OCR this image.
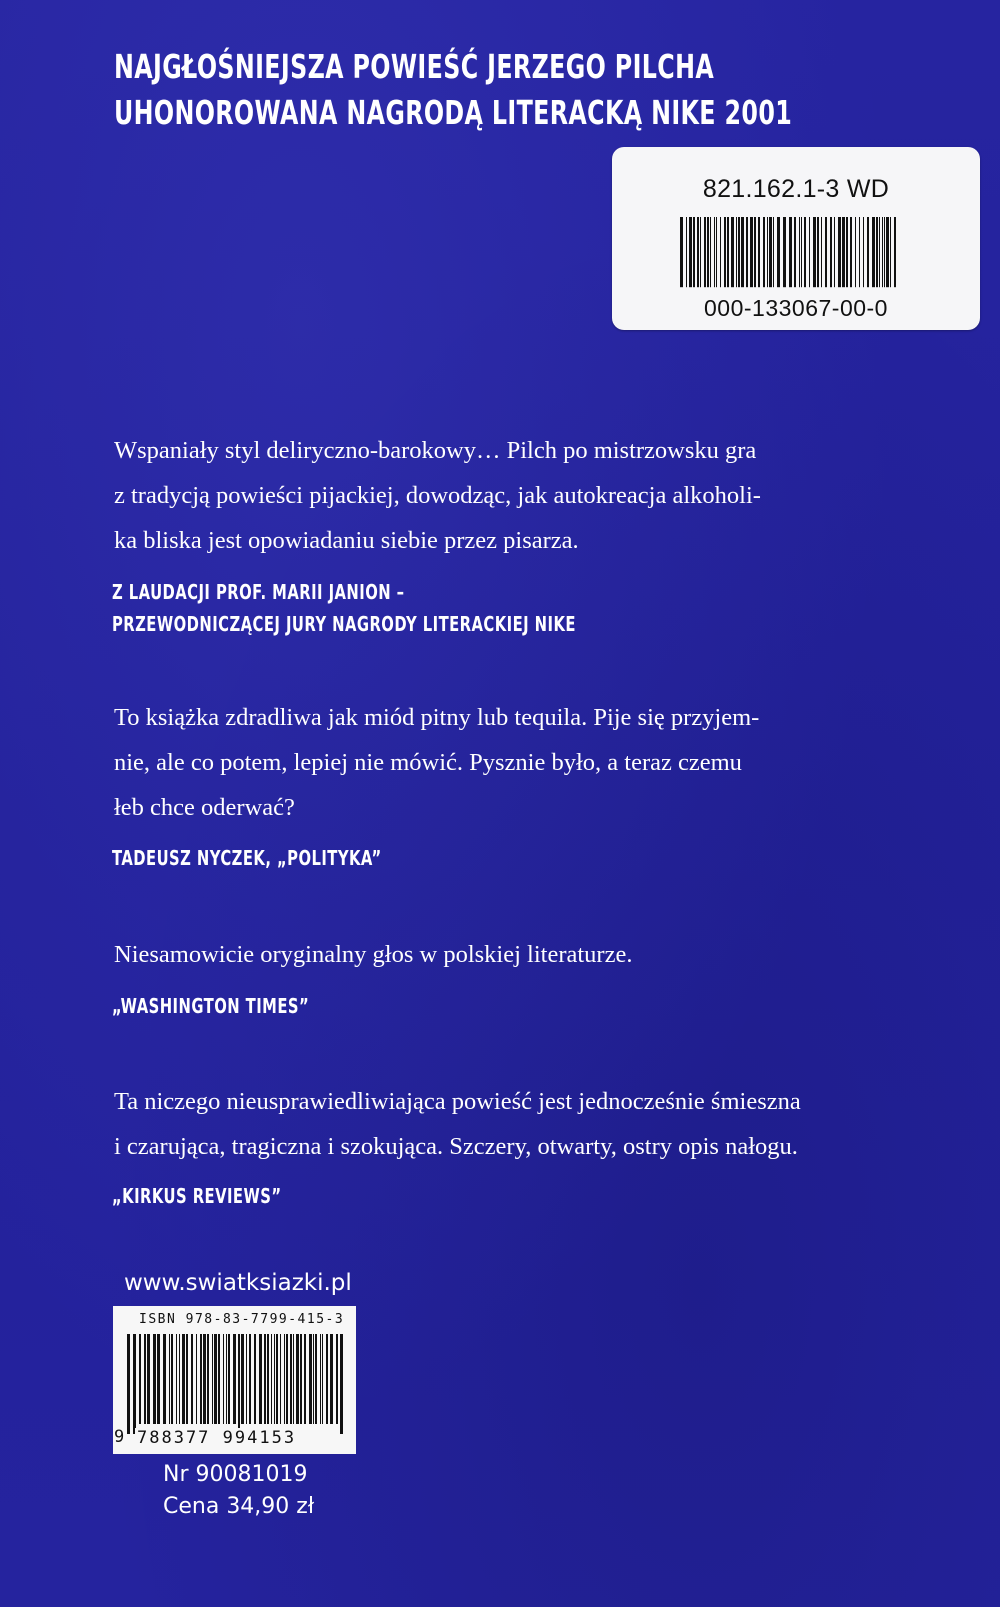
NAJGŁOŚNIEJSZA POWIEŚĆ JERZEGO PILCHA
UHONOROWANA NAGRODĄ LITERACKĄ NIKE 2001
821.162.1-3 WD
000-133067-00-0

Wspaniały styl deliryczno-barokowy… Pilch po mistrzowsku gra

z tradycją powieści pijackiej, dowodząc, jak autokreacja alkoholi-

ka bliska jest opowiadaniu siebie przez pisarza.

Z LAUDACJI PROF. MARII JANION –
PRZEWODNICZĄCEJ JURY NAGRODY LITERACKIEJ NIKE

To książka zdradliwa jak miód pitny lub tequila. Pije się przyjem-

nie, ale co potem, lepiej nie mówić. Pysznie było, a teraz czemu

łeb chce oderwać?

TADEUSZ NYCZEK, „POLITYKA”

Niesamowicie oryginalny głos w polskiej literaturze.

„WASHINGTON TIMES”

Ta niczego nieusprawiedliwiająca powieść jest jednocześnie śmieszna

i czarująca, tragiczna i szokująca. Szczery, otwarty, ostry opis nałogu.

„KIRKUS REVIEWS”
www.swiatksiazki.pl
ISBN 978-83-7799-415-3
9 788377 994153
Nr 90081019
Cena 34,90 zł
